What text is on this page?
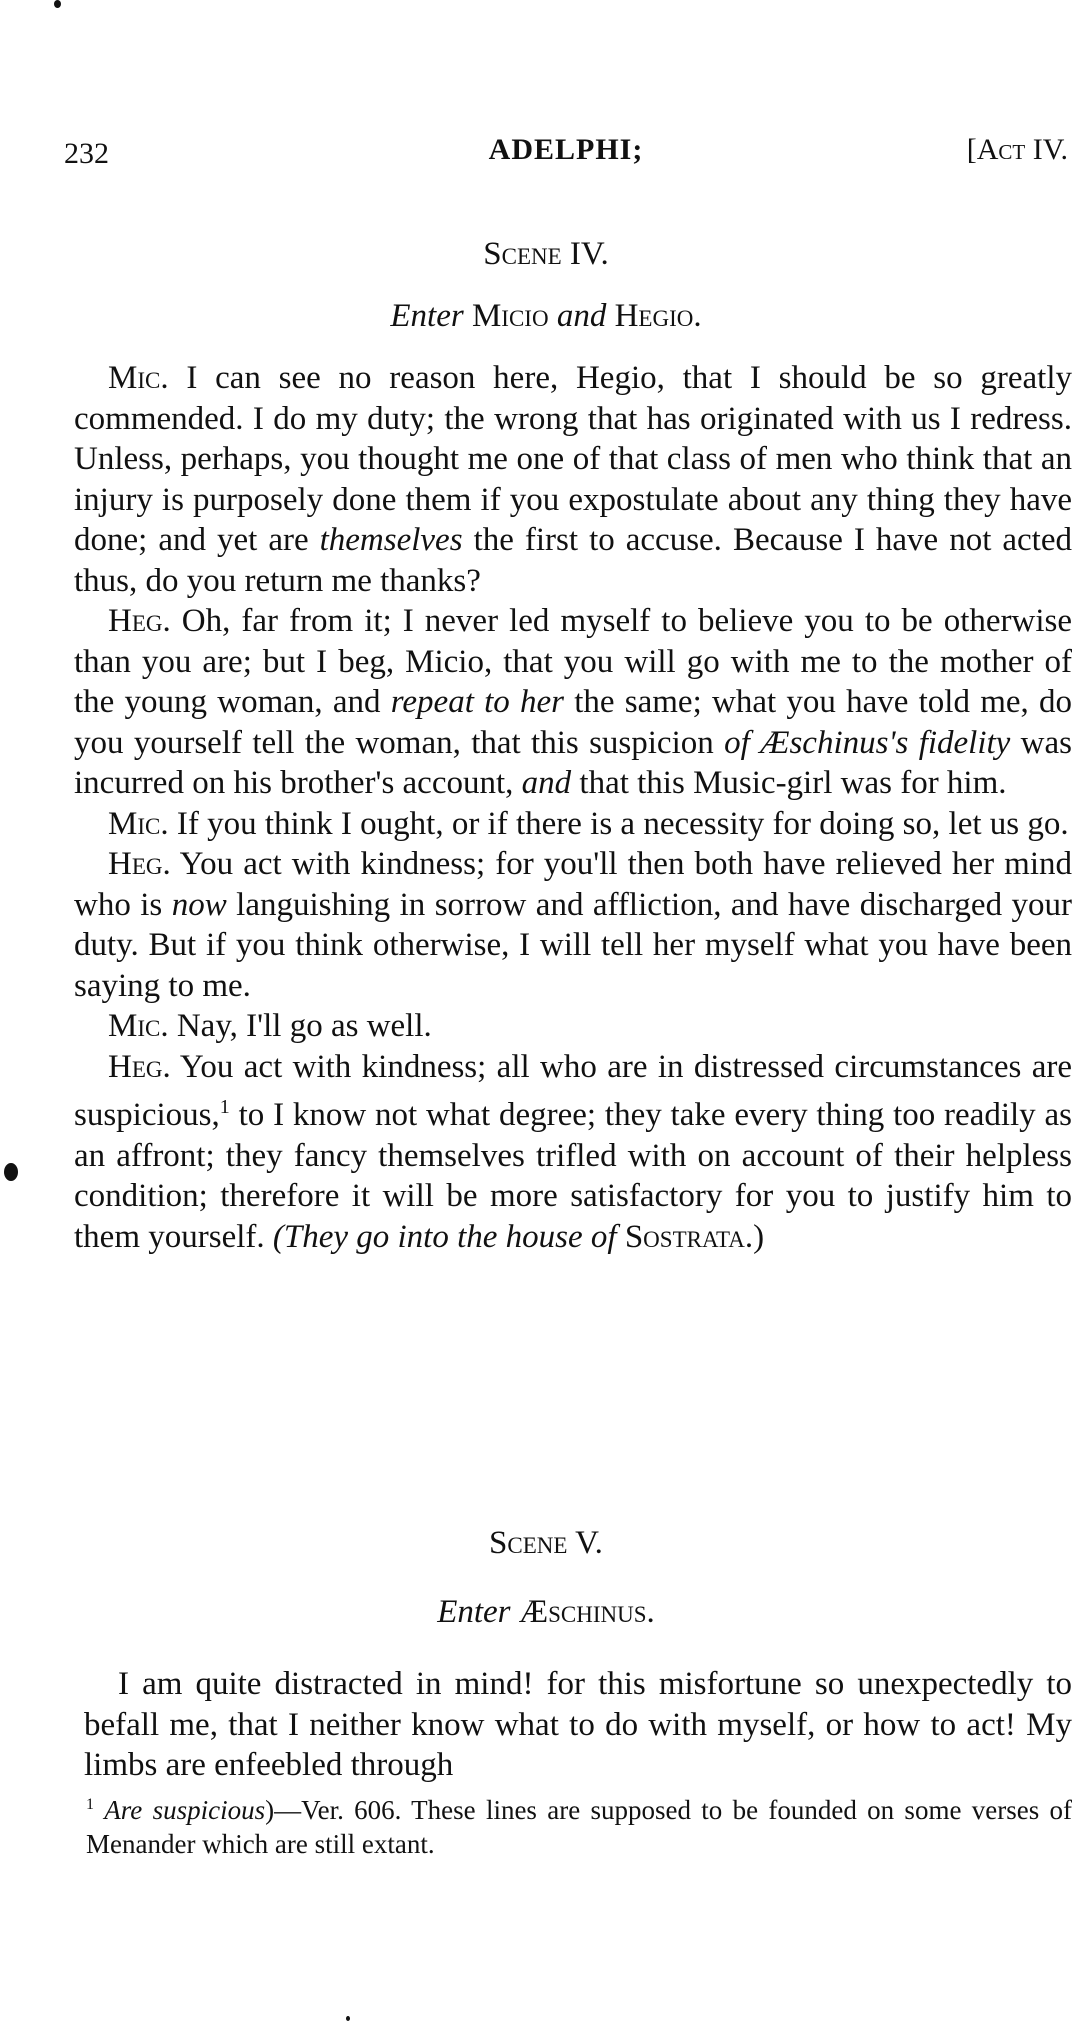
232	ADELPHI;	[Act IV.
Scene IV.
Enter Micio and Hegio.

Mic. I can see no reason here, Hegio, that I should be so greatly commended. I do my duty; the wrong that has originated with us I redress. Unless, perhaps, you thought me one of that class of men who think that an injury is purposely done them if you expostulate about any thing they have done; and yet are themselves the first to accuse. Because I have not acted thus, do you return me thanks?

Heg. Oh, far from it; I never led myself to believe you to be otherwise than you are; but I beg, Micio, that you will go with me to the mother of the young woman, and repeat to her the same; what you have told me, do you yourself tell the woman, that this suspicion of Æschinus's fidelity was incurred on his brother's account, and that this Music-girl was for him.

Mic. If you think I ought, or if there is a necessity for doing so, let us go.

Heg. You act with kindness; for you'll then both have relieved her mind who is now languishing in sorrow and affliction, and have discharged your duty. But if you think otherwise, I will tell her myself what you have been saying to me.

Mic. Nay, I'll go as well.

Heg. You act with kindness; all who are in distressed circumstances are suspicious,$^1$ to I know not what degree; they take every thing too readily as an affront; they fancy themselves trifled with on account of their helpless condition; therefore it will be more satisfactory for you to justify him to them yourself. (They go into the house of Sostrata.)

Scene V.
Enter Æschinus.

I am quite distracted in mind! for this misfortune so unexpectedly to befall me, that I neither know what to do with myself, or how to act! My limbs are enfeebled through

$^1$ Are suspicious)—Ver. 606. These lines are supposed to be founded on some verses of Menander which are still extant.
